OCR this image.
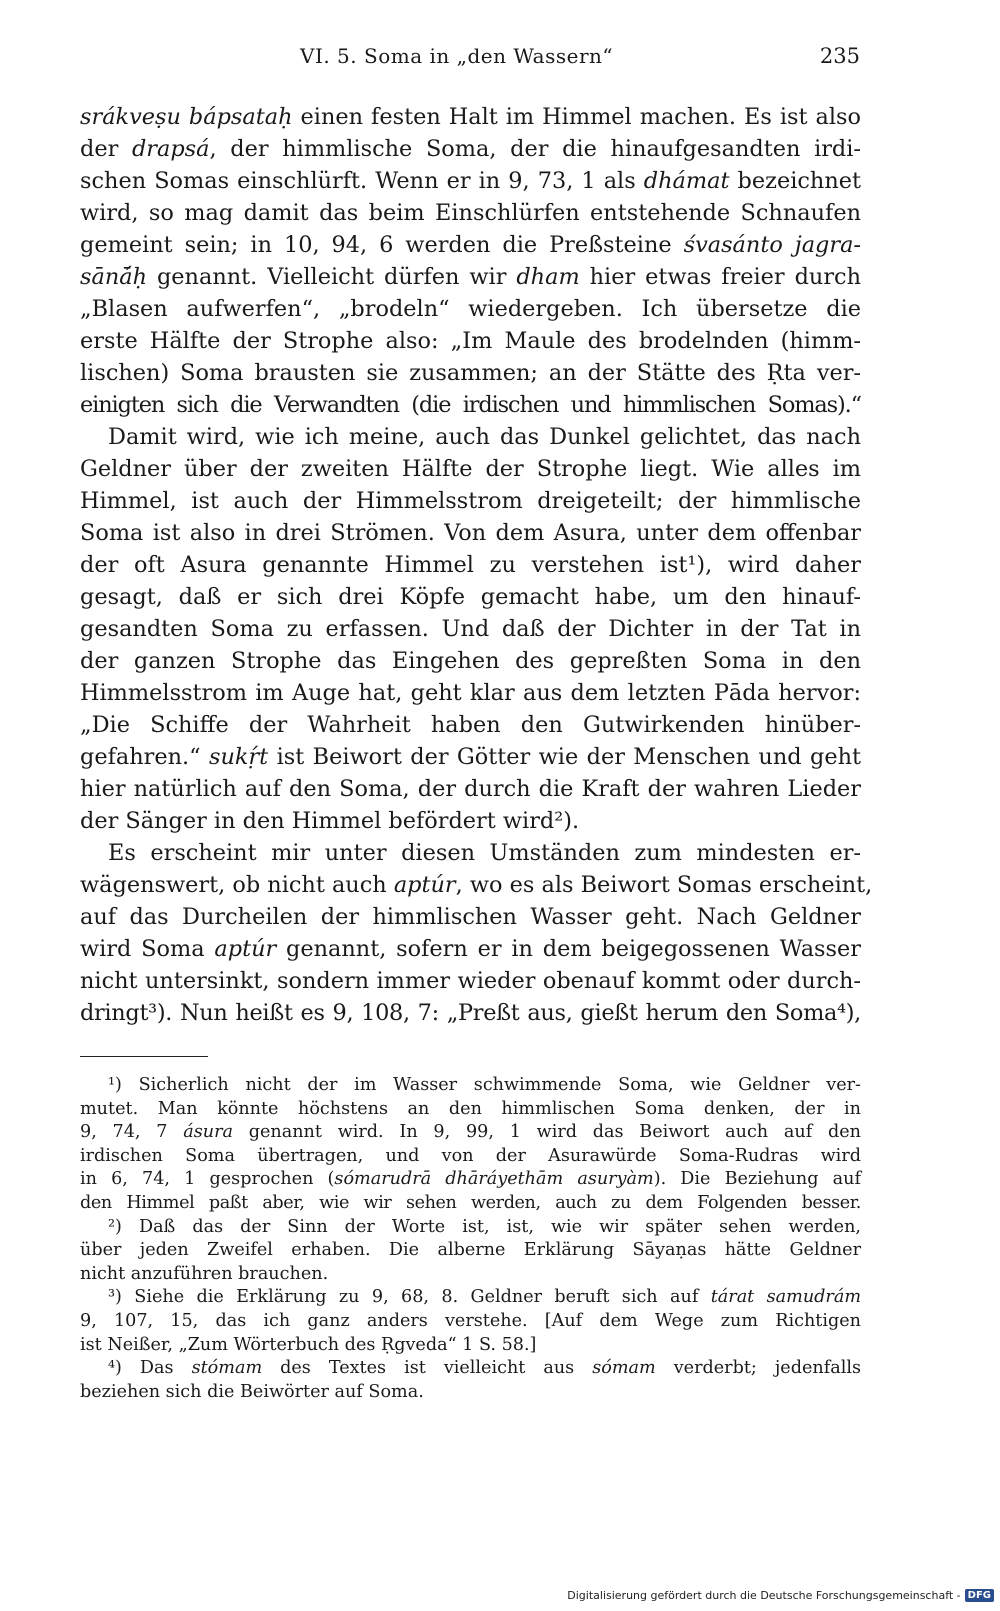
VI. 5. Soma in „den Wassern“	235
srákveṣu bápsataḥ einen festen Halt im Himmel machen. Es ist also
der drapsá, der himmlische Soma, der die hinaufgesandten irdi-
schen Somas einschlürft. Wenn er in 9, 73, 1 als dhámat bezeichnet
wird, so mag damit das beim Einschlürfen entstehende Schnaufen
gemeint sein; in 10, 94, 6 werden die Preßsteine śvasánto jagra-
sānā́ḥ genannt. Vielleicht dürfen wir dham hier etwas freier durch
„Blasen aufwerfen“, „brodeln“ wiedergeben. Ich übersetze die
erste Hälfte der Strophe also: „Im Maule des brodelnden (himm-
lischen) Soma brausten sie zusammen; an der Stätte des Ṛta ver-
einigten sich die Verwandten (die irdischen und himmlischen Somas).“
Damit wird, wie ich meine, auch das Dunkel gelichtet, das nach
Geldner über der zweiten Hälfte der Strophe liegt. Wie alles im
Himmel, ist auch der Himmelsstrom dreigeteilt; der himmlische
Soma ist also in drei Strömen. Von dem Asura, unter dem offenbar
der oft Asura genannte Himmel zu verstehen ist¹), wird daher
gesagt, daß er sich drei Köpfe gemacht habe, um den hinauf-
gesandten Soma zu erfassen. Und daß der Dichter in der Tat in
der ganzen Strophe das Eingehen des gepreßten Soma in den
Himmelsstrom im Auge hat, geht klar aus dem letzten Pāda hervor:
„Die Schiffe der Wahrheit haben den Gutwirkenden hinüber-
gefahren.“ sukṛ́t ist Beiwort der Götter wie der Menschen und geht
hier natürlich auf den Soma, der durch die Kraft der wahren Lieder
der Sänger in den Himmel befördert wird²).
Es erscheint mir unter diesen Umständen zum mindesten er-
wägenswert, ob nicht auch aptúr, wo es als Beiwort Somas erscheint,
auf das Durcheilen der himmlischen Wasser geht. Nach Geldner
wird Soma aptúr genannt, sofern er in dem beigegossenen Wasser
nicht untersinkt, sondern immer wieder obenauf kommt oder durch-
dringt³). Nun heißt es 9, 108, 7: „Preßt aus, gießt herum den Soma⁴),
¹) Sicherlich nicht der im Wasser schwimmende Soma, wie Geldner ver-
mutet. Man könnte höchstens an den himmlischen Soma denken, der in
9, 74, 7 ásura genannt wird. In 9, 99, 1 wird das Beiwort auch auf den
irdischen Soma übertragen, und von der Asurawürde Soma-Rudras wird
in 6, 74, 1 gesprochen (sómarudrā dhāráyethām asuryàm). Die Beziehung auf
den Himmel paßt aber, wie wir sehen werden, auch zu dem Folgenden besser.
²) Daß das der Sinn der Worte ist, ist, wie wir später sehen werden,
über jeden Zweifel erhaben. Die alberne Erklärung Sāyaṇas hätte Geldner
nicht anzuführen brauchen.
³) Siehe die Erklärung zu 9, 68, 8. Geldner beruft sich auf tárat samudrám
9, 107, 15, das ich ganz anders verstehe. [Auf dem Wege zum Richtigen
ist Neißer, „Zum Wörterbuch des Ṛgveda“ 1 S. 58.]
⁴) Das stómam des Textes ist vielleicht aus sómam verderbt; jedenfalls
beziehen sich die Beiwörter auf Soma.
Digitalisierung gefördert durch die Deutsche Forschungsgemeinschaft - DFG
